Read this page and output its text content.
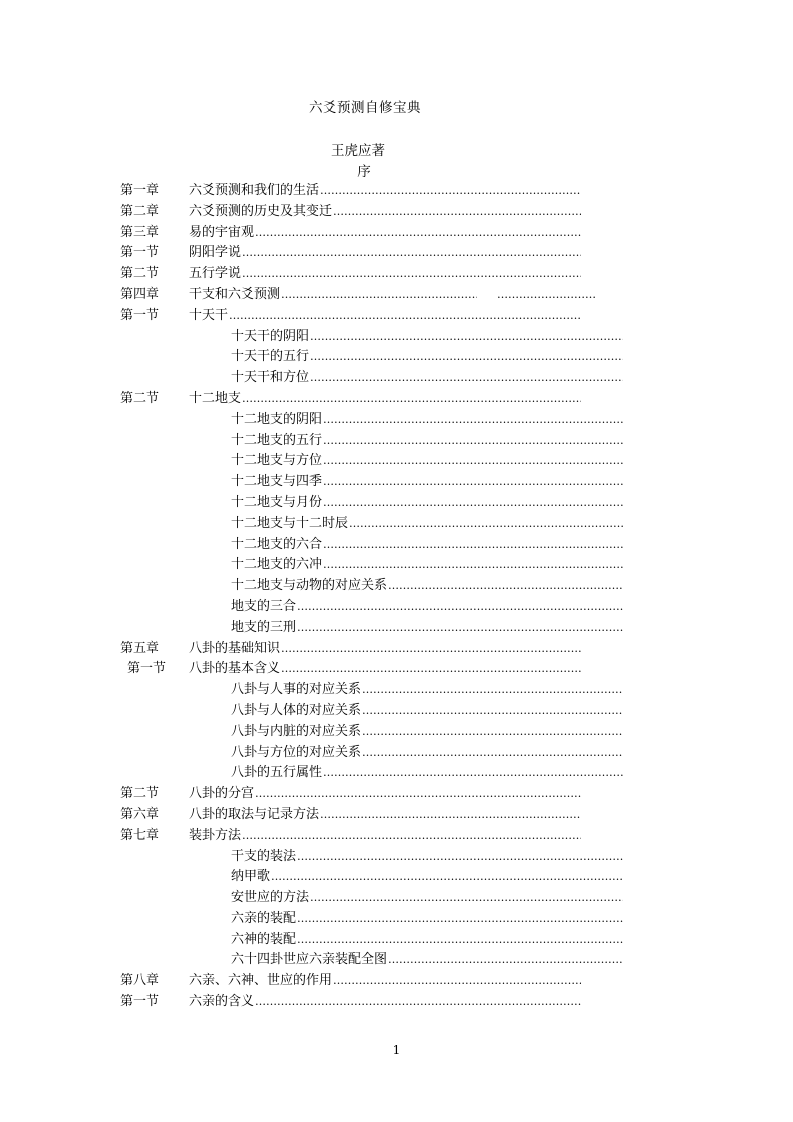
六爻预测自修宝典
王虎应著
序
第一章 六爻预测和我们的生活
……………………………………………………………………………………………………………………………………………………
第二章 六爻预测的历史及其变迁
……………………………………………………………………………………………………………………………………………………
第三章 易的宇宙观
……………………………………………………………………………………………………………………………………………………
第一节 阴阳学说
……………………………………………………………………………………………………………………………………………………
第二节 五行学说
……………………………………………………………………………………………………………………………………………………
第四章 干支和六爻预测
………………………………………………………………………………
………………………………………………
第一节 十天干
……………………………………………………………………………………………………………………………………………………
十天干的阴阳
……………………………………………………………………………………………………………………………………………………
十天干的五行
……………………………………………………………………………………………………………………………………………………
十天干和方位
……………………………………………………………………………………………………………………………………………………
第二节 十二地支
……………………………………………………………………………………………………………………………………………………
十二地支的阴阳
……………………………………………………………………………………………………………………………………………………
十二地支的五行
……………………………………………………………………………………………………………………………………………………
十二地支与方位
……………………………………………………………………………………………………………………………………………………
十二地支与四季
……………………………………………………………………………………………………………………………………………………
十二地支与月份
……………………………………………………………………………………………………………………………………………………
十二地支与十二时辰
……………………………………………………………………………………………………………………………………………………
十二地支的六合
……………………………………………………………………………………………………………………………………………………
十二地支的六冲
……………………………………………………………………………………………………………………………………………………
十二地支与动物的对应关系
……………………………………………………………………………………………………………………………………………………
地支的三合
……………………………………………………………………………………………………………………………………………………
地支的三刑
……………………………………………………………………………………………………………………………………………………
第五章 八卦的基础知识
……………………………………………………………………………………………………………………………………………………
第一节 八卦的基本含义
……………………………………………………………………………………………………………………………………………………
八卦与人事的对应关系
……………………………………………………………………………………………………………………………………………………
八卦与人体的对应关系
……………………………………………………………………………………………………………………………………………………
八卦与内脏的对应关系
……………………………………………………………………………………………………………………………………………………
八卦与方位的对应关系
……………………………………………………………………………………………………………………………………………………
八卦的五行属性
……………………………………………………………………………………………………………………………………………………
第二节 八卦的分宫
……………………………………………………………………………………………………………………………………………………
第六章 八卦的取法与记录方法
……………………………………………………………………………………………………………………………………………………
第七章 装卦方法
……………………………………………………………………………………………………………………………………………………
干支的装法
……………………………………………………………………………………………………………………………………………………
纳甲歌
……………………………………………………………………………………………………………………………………………………
安世应的方法
……………………………………………………………………………………………………………………………………………………
六亲的装配
……………………………………………………………………………………………………………………………………………………
六神的装配
……………………………………………………………………………………………………………………………………………………
六十四卦世应六亲装配全图
……………………………………………………………………………………………………………………………………………………
第八章 六亲、六神、世应的作用
……………………………………………………………………………………………………………………………………………………
第一节 六亲的含义
……………………………………………………………………………………………………………………………………………………
1
